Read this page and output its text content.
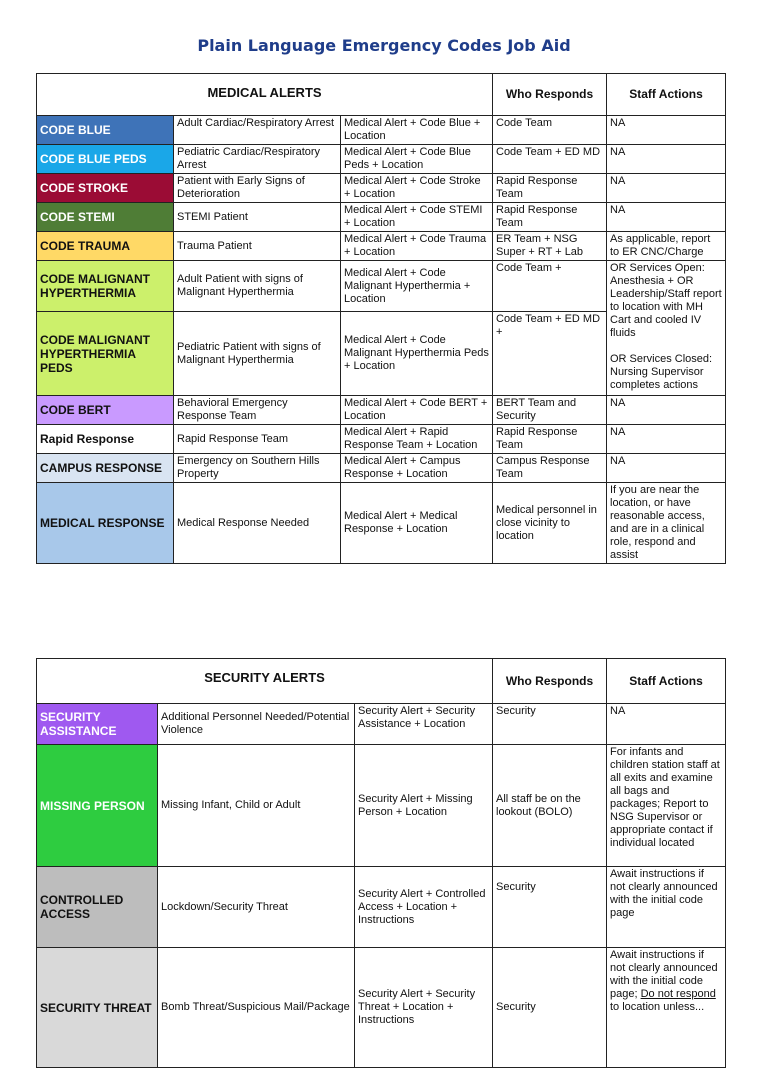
Plain Language Emergency Codes Job Aid
MEDICAL ALERTS			Who Responds	Staff Actions
CODE BLUE	Adult Cardiac/Respiratory Arrest	Medical Alert + Code Blue + Location	Code Team	NA
CODE BLUE PEDS	Pediatric Cardiac/Respiratory Arrest	Medical Alert + Code Blue Peds + Location	Code Team + ED MD	NA
CODE STROKE	Patient with Early Signs of Deterioration	Medical Alert + Code Stroke + Location	Rapid Response Team	NA
CODE STEMI	STEMI Patient	Medical Alert + Code STEMI + Location	Rapid Response Team	NA
CODE TRAUMA	Trauma Patient	Medical Alert + Code Trauma + Location	ER Team + NSG Super + RT + Lab	As applicable, report to ER CNC/Charge
CODE MALIGNANT HYPERTHERMIA	Adult Patient with signs of Malignant Hyperthermia	Medical Alert + Code Malignant Hyperthermia + Location	Code Team +	OR Services Open: Anesthesia + OR Leadership/Staff report to location with MH Cart and cooled IV fluids
OR Services Closed: Nursing Supervisor completes actions

CODE MALIGNANT HYPERTHERMIA PEDS	Pediatric Patient with signs of Malignant Hyperthermia	Medical Alert + Code Malignant Hyperthermia Peds + Location	Code Team + ED MD +	
CODE BERT	Behavioral Emergency Response Team	Medical Alert + Code BERT + Location	BERT Team and Security	NA
Rapid Response	Rapid Response Team	Medical Alert + Rapid Response Team + Location	Rapid Response Team	NA
CAMPUS RESPONSE	Emergency on Southern Hills Property	Medical Alert + Campus Response + Location	Campus Response Team	NA
MEDICAL RESPONSE	Medical Response Needed	Medical Alert + Medical Response + Location	Medical personnel in close vicinity to location	If you are near the location, or have reasonable access, and are in a clinical role, respond and assist
SECURITY ALERTS			Who Responds	Staff Actions
SECURITY ASSISTANCE	Additional Personnel Needed/Potential Violence	Security Alert + Security Assistance + Location	Security	NA
MISSING PERSON	Missing Infant, Child or Adult	Security Alert + Missing Person + Location	All staff be on the lookout (BOLO)	For infants and children station staff at all exits and examine all bags and packages; Report to NSG Supervisor or appropriate contact if individual located
CONTROLLED ACCESS	Lockdown/Security Threat	Security Alert + Controlled Access + Location + Instructions	Security	Await instructions if not clearly announced with the initial code page
SECURITY THREAT	Bomb Threat/Suspicious Mail/Package	Security Alert + Security Threat + Location + Instructions	Security	Await instructions if not clearly announced with the initial code page; Do not respond to location unless...
